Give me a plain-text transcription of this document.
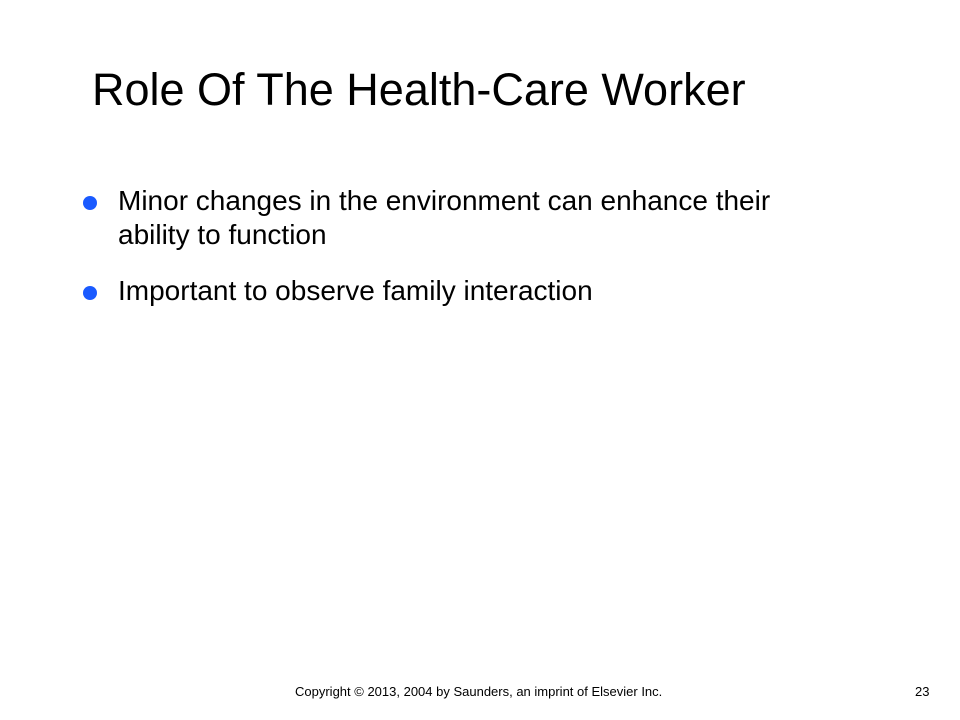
Role Of The Health-Care Worker
Minor changes in the environment can enhance their ability to function
Important to observe family interaction
Copyright © 2013, 2004 by Saunders, an imprint of Elsevier Inc.	23
